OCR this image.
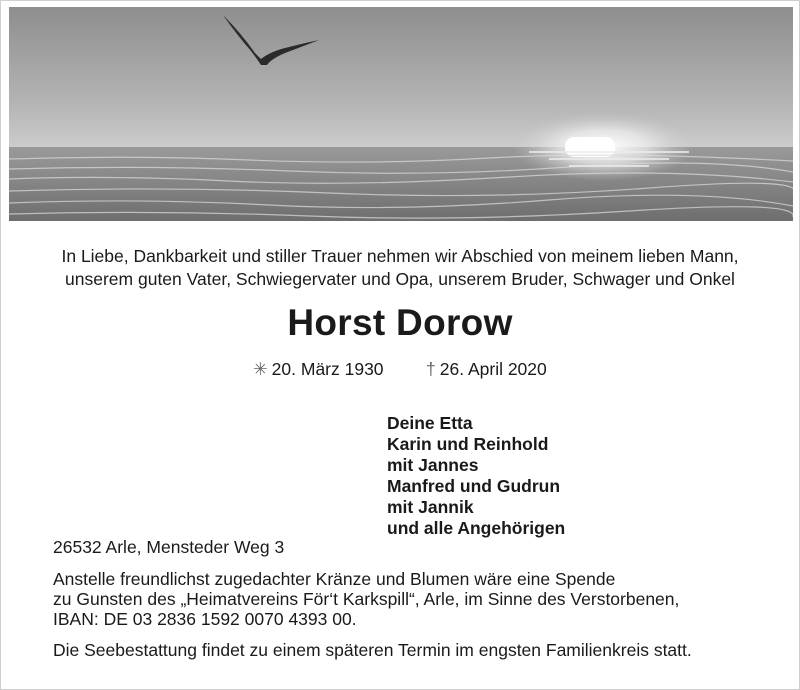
In Liebe, Dankbarkeit und stiller Trauer nehmen wir Abschied von meinem lieben Mann,
unserem guten Vater, Schwiegervater und Opa, unserem Bruder, Schwager und Onkel
Horst Dorow
✳ 20. März 1930 † 26. April 2020
Deine Etta
Karin und Reinhold
mit Jannes
Manfred und Gudrun
mit Jannik
und alle Angehörigen
26532 Arle, Mensteder Weg 3
Anstelle freundlichst zugedachter Kränze und Blumen wäre eine Spende
zu Gunsten des „Heimatvereins För‘t Karkspill“, Arle, im Sinne des Verstorbenen,
IBAN: DE 03 2836 1592 0070 4393 00.
Die Seebestattung findet zu einem späteren Termin im engsten Familienkreis statt.
